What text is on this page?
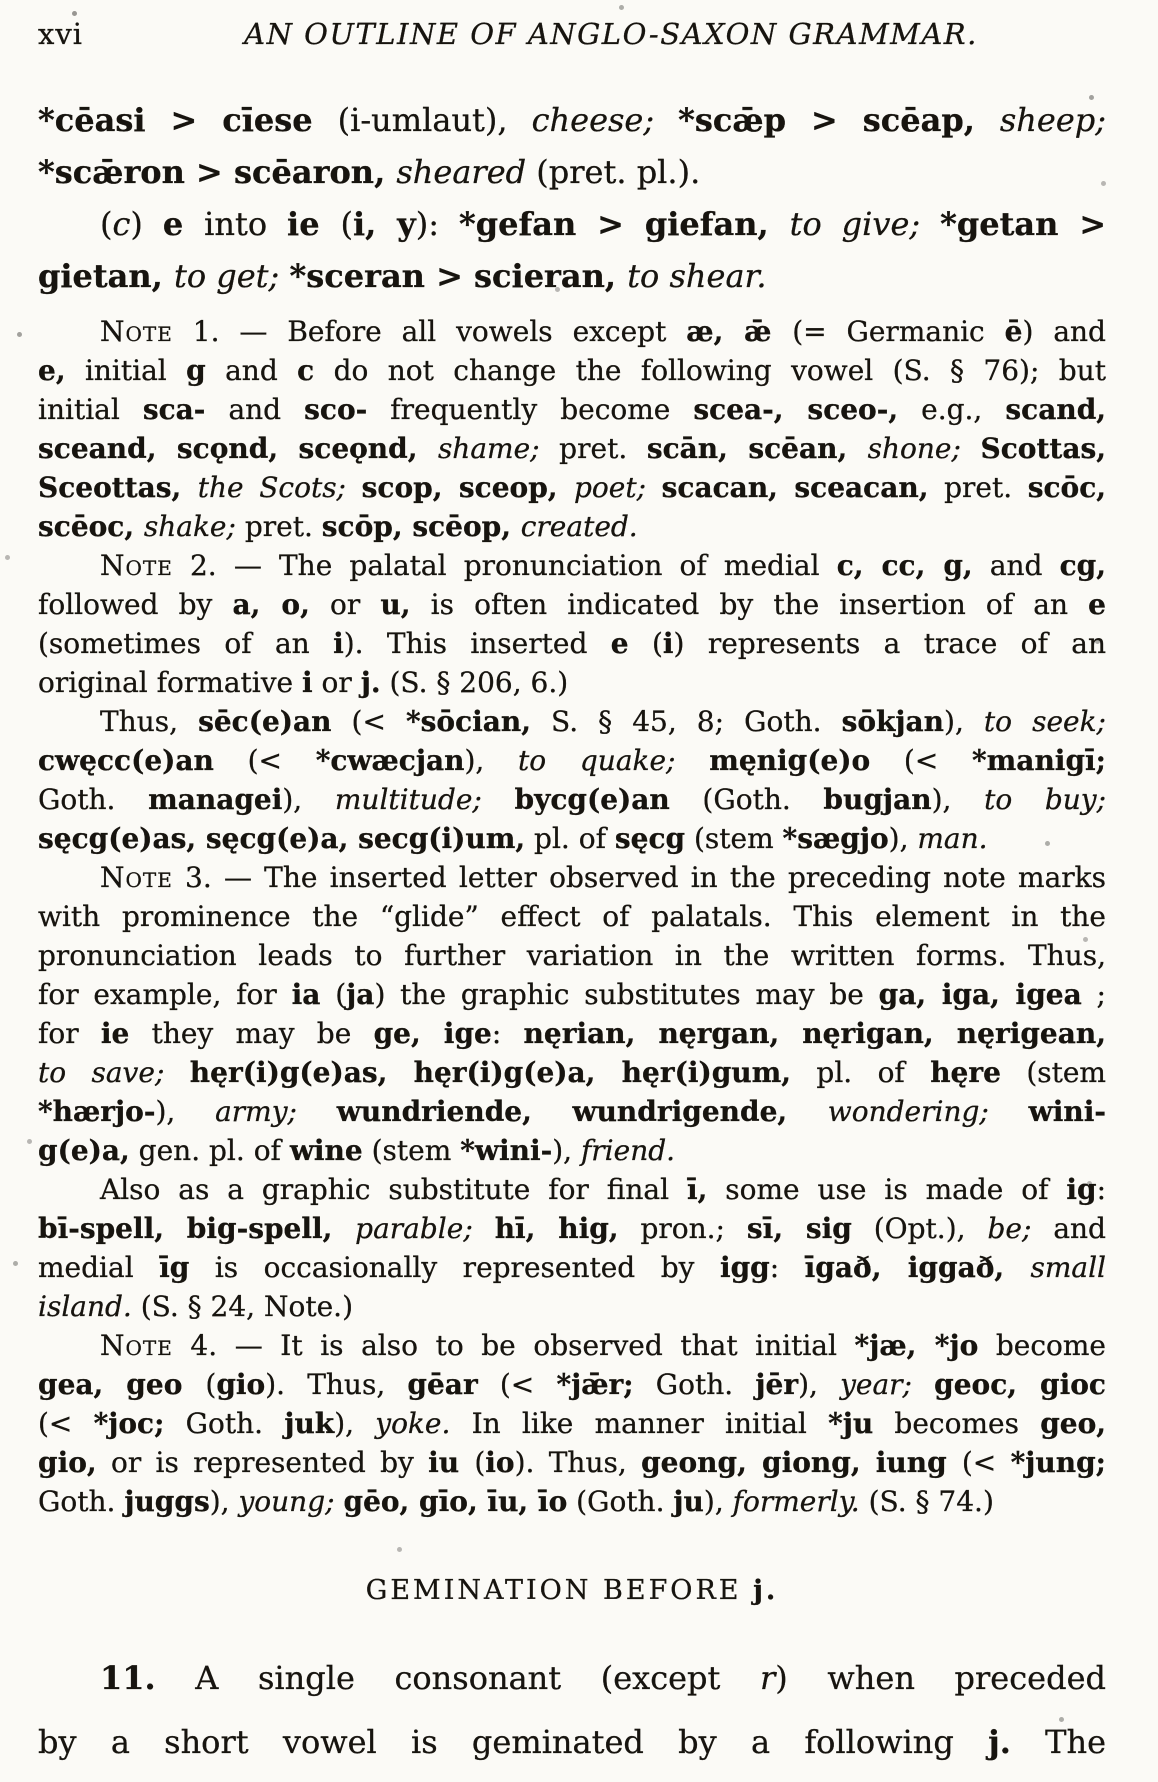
xvi	AN OUTLINE OF ANGLO-SAXON GRAMMAR.

*cēasi > cīese (i-umlaut), cheese; *scǣp > scēap, sheep;
*scǣron > scēaron, sheared (pret. pl.).

(c) e into ie (i, y): *gefan > giefan, to give; *getan >
gietan, to get; *sceran > scieran, to shear.

Note 1. — Before all vowels except æ, ǣ (= Germanic ē) and
e, initial g and c do not change the following vowel (S. § 76); but
initial sca- and sco- frequently become scea-, sceo-, e.g., scand,
sceand, scǫnd, sceǫnd, shame; pret. scān, scēan, shone; Scottas,
Sceottas, the Scots; scop, sceop, poet; scacan, sceacan, pret. scōc,
scēoc, shake; pret. scōp, scēop, created.

Note 2. — The palatal pronunciation of medial c, cc, g, and cg,
followed by a, o, or u, is often indicated by the insertion of an e
(sometimes of an i). This inserted e (i) represents a trace of an
original formative i or j. (S. § 206, 6.)

Thus, sēc(e)an (< *sōcian, S. § 45, 8; Goth. sōkjan), to seek;
cwęcc(e)an (< *cwæcjan), to quake; męnig(e)o (< *manigī;
Goth. managei), multitude; bycg(e)an (Goth. bugjan), to buy;
sęcg(e)as, sęcg(e)a, secg(i)um, pl. of sęcg (stem *sægjo), man.

Note 3. — The inserted letter observed in the preceding note marks
with prominence the “glide” effect of palatals. This element in the
pronunciation leads to further variation in the written forms. Thus,
for example, for ia (ja) the graphic substitutes may be ga, iga, igea ;
for ie they may be ge, ige: nęrian, nęrgan, nęrigan, nęrigean,
to save; hęr(i)g(e)as, hęr(i)g(e)a, hęr(i)gum, pl. of hęre (stem
*hærjo-), army; wundriende, wundrigende, wondering; wini-
g(e)a, gen. pl. of wine (stem *wini-), friend.

Also as a graphic substitute for final ī, some use is made of ig:
bī-spell, big-spell, parable; hī, hig, pron.; sī, sig (Opt.), be; and
medial īg is occasionally represented by igg: īgað, iggað, small
island. (S. § 24, Note.)

Note 4. — It is also to be observed that initial *jæ, *jo become
gea, geo (gio). Thus, gēar (< *jǣr; Goth. jēr), year; geoc, gioc
(< *joc; Goth. juk), yoke. In like manner initial *ju becomes geo,
gio, or is represented by iu (io). Thus, geong, giong, iung (< *jung;
Goth. juggs), young; gēo, gīo, īu, īo (Goth. ju), formerly. (S. § 74.)

GEMINATION BEFORE j.

11. A single consonant (except r) when preceded
by a short vowel is geminated by a following j. The
